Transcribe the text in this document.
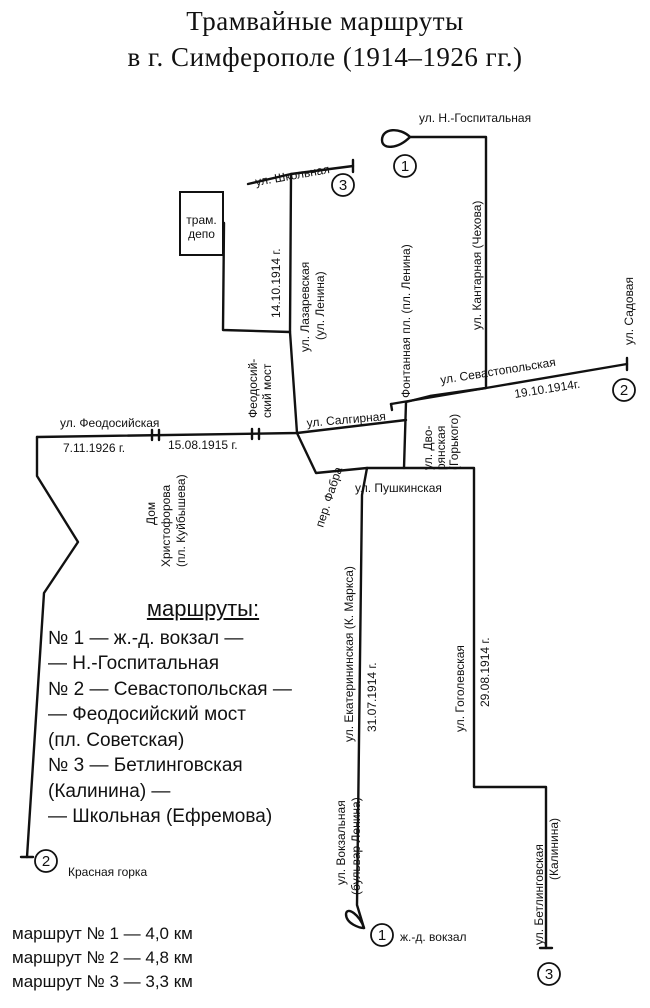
Трамвайные маршруты
в г. Симферополе (1914–1926 гг.)
трам.
депо
1
3
2
2
1
3
ул. Н.-Госпитальная
ул. Школьная
ул. Севастопольская
ул. Феодосийская	ул. Салгирная
ул. Пушкинская
Красная горка
ж.-д. вокзал
19.10.1914г.
7.11.1926 г.	15.08.1915 г.
14.10.1914 г. ул. Лазаревская (ул. Ленина)	Фонтанная пл. (пл. Ленина)	ул. Кантарная (Чехова)	ул. Садовая
Феодосий- ский мост
ул. Дво- рянская (Горького)
пер. Фабра
Дом Христофорова (пл. Куйбышева)
ул. Екатерининская (К. Маркса) 31.07.1914 г.	ул. Гоголевская 29.08.1914 г.
ул. Вокзальная (бульвар Ленина)	ул. Бетлинговская (Калинина)
маршруты:
№ 1 — ж.-д. вокзал —
— Н.-Госпитальная
№ 2 — Севастопольская —
— Феодосийский мост
(пл. Советская)
№ 3 — Бетлинговская
(Калинина) —
— Школьная (Ефремова)
маршрут № 1 — 4,0 км
маршрут № 2 — 4,8 км
маршрут № 3 — 3,3 км
